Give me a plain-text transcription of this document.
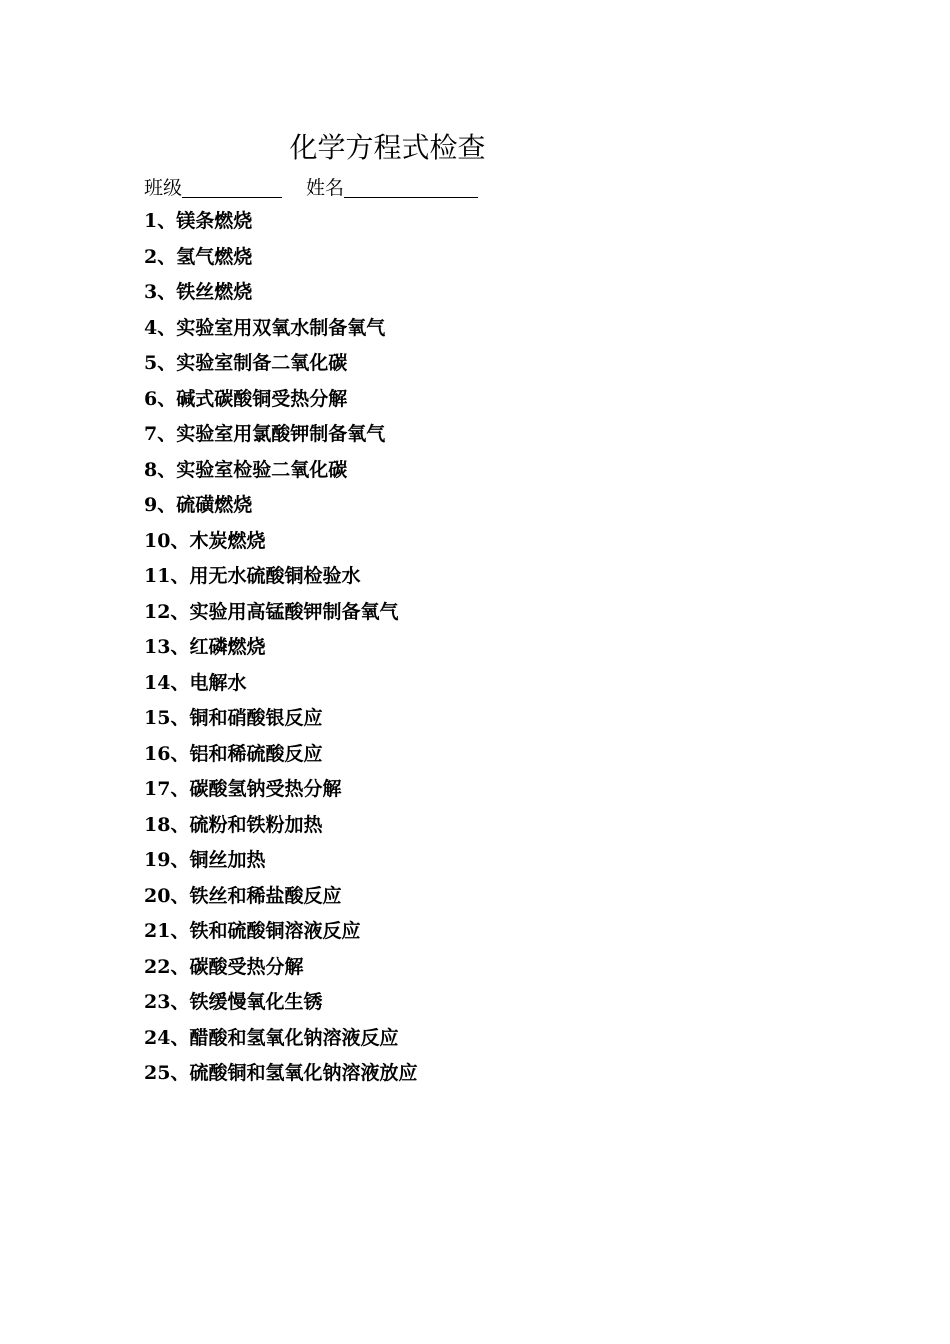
化学方程式检查
班级	姓名
1、镁条燃烧
2、氢气燃烧
3、铁丝燃烧
4、实验室用双氧水制备氧气
5、实验室制备二氧化碳
6、碱式碳酸铜受热分解
7、实验室用氯酸钾制备氧气
8、实验室检验二氧化碳
9、硫磺燃烧
10、木炭燃烧
11、用无水硫酸铜检验水
12、实验用高锰酸钾制备氧气
13、红磷燃烧
14、电解水
15、铜和硝酸银反应
16、铝和稀硫酸反应
17、碳酸氢钠受热分解
18、硫粉和铁粉加热
19、铜丝加热
20、铁丝和稀盐酸反应
21、铁和硫酸铜溶液反应
22、碳酸受热分解
23、铁缓慢氧化生锈
24、醋酸和氢氧化钠溶液反应
25、硫酸铜和氢氧化钠溶液放应
